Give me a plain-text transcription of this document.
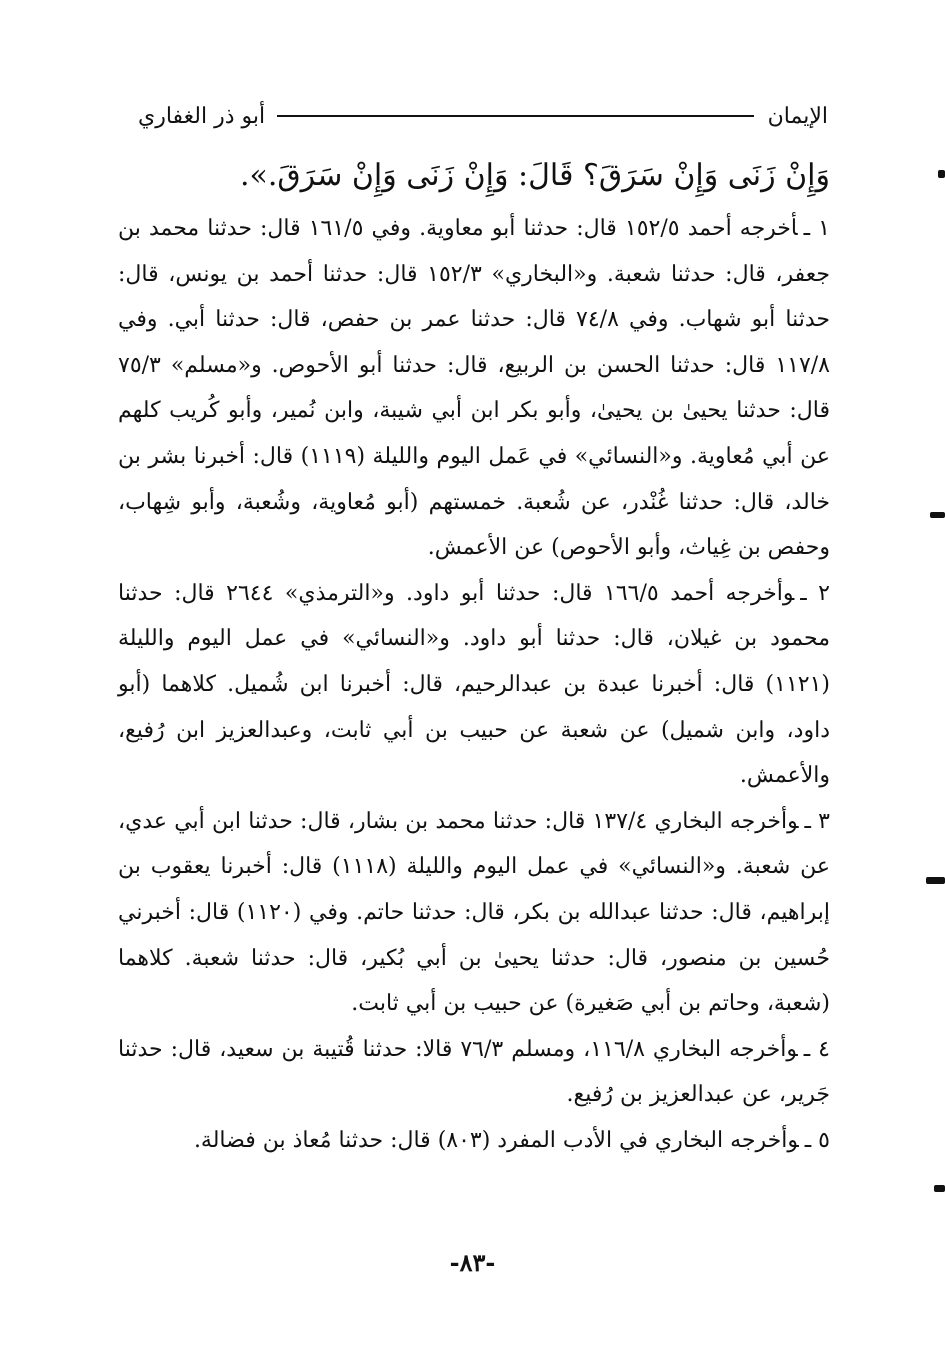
الإيمان
أبو ذر الغفاري

وَإِنْ زَنَى وَإِنْ سَرَقَ؟ قَالَ: وَإِنْ زَنَى وَإِنْ سَرَقَ.».

١ ـأخرجه أحمد ١٥٢/٥ قال: حدثنا أبو معاوية. وفي ١٦١/٥ قال: حدثنا محمد بن جعفر، قال: حدثنا شعبة. و«البخاري» ١٥٢/٣ قال: حدثنا أحمد بن يونس، قال: حدثنا أبو شهاب. وفي ٧٤/٨ قال: حدثنا عمر بن حفص، قال: حدثنا أبي. وفي ١١٧/٨ قال: حدثنا الحسن بن الربيع، قال: حدثنا أبو الأحوص. و«مسلم» ٧٥/٣ قال: حدثنا يحيىٰ بن يحيىٰ، وأبو بكر ابن أبي شيبة، وابن نُمير، وأبو كُريب كلهم عن أبي مُعاوية. و«النسائي» في عَمل اليوم والليلة (١١١٩) قال: أخبرنا بشر بن خالد، قال: حدثنا غُنْدر، عن شُعبة. خمستهم (أبو مُعاوية، وشُعبة، وأبو شِهاب، وحفص بن غِياث، وأبو الأحوص) عن الأعمش.

٢ ـوأخرجه أحمد ١٦٦/٥ قال: حدثنا أبو داود. و«الترمذي» ٢٦٤٤ قال: حدثنا محمود بن غيلان، قال: حدثنا أبو داود. و«النسائي» في عمل اليوم والليلة (١١٢١) قال: أخبرنا عبدة بن عبدالرحيم، قال: أخبرنا ابن شُميل. كلاهما (أبو داود، وابن شميل) عن شعبة عن حبيب بن أبي ثابت، وعبدالعزيز ابن رُفيع، والأعمش.

٣ ـوأخرجه البخاري ١٣٧/٤ قال: حدثنا محمد بن بشار، قال: حدثنا ابن أبي عدي، عن شعبة. و«النسائي» في عمل اليوم والليلة (١١١٨) قال: أخبرنا يعقوب بن إبراهيم، قال: حدثنا عبدالله بن بكر، قال: حدثنا حاتم. وفي (١١٢٠) قال: أخبرني حُسين بن منصور، قال: حدثنا يحيىٰ بن أبي بُكير، قال: حدثنا شعبة. كلاهما (شعبة، وحاتم بن أبي صَغيرة) عن حبيب بن أبي ثابت.

٤ ـوأخرجه البخاري ١١٦/٨، ومسلم ٧٦/٣ قالا: حدثنا قُتيبة بن سعيد، قال: حدثنا جَرير، عن عبدالعزيز بن رُفيع.

٥ ـوأخرجه البخاري في الأدب المفرد (٨٠٣) قال: حدثنا مُعاذ بن فضالة.

-٨٣-
